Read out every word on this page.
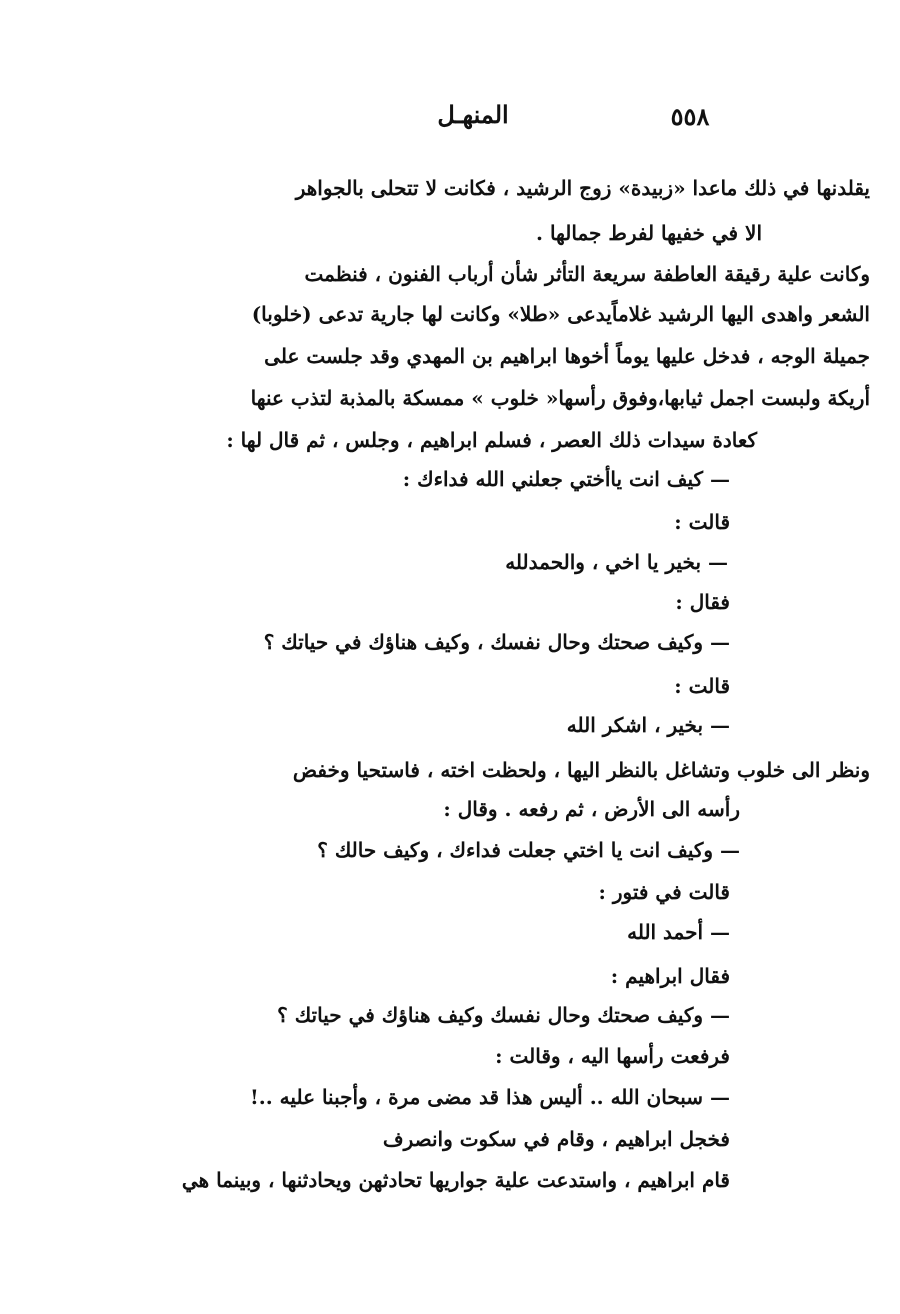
المنهـل	٥٥٨
يقلدنها في ذلك ماعدا «زبيدة» زوج الرشيد ، فكانت لا تتحلى بالجواهر
الا في خفيها لفرط جمالها .
وكانت علية رقيقة العاطفة سريعة التأثر شأن أرباب الفنون ، فنظمت
الشعر واهدى اليها الرشيد غلاماًيدعى «طلا» وكانت لها جارية تدعى (خلوبا)
جميلة الوجه ، فدخل عليها يوماً أخوها ابراهيم بن المهدي وقد جلست على
أريكة ولبست اجمل ثيابها،وفوق رأسها« خلوب » ممسكة بالمذبة لتذب عنها
كعادة سيدات ذلك العصر ، فسلم ابراهيم ، وجلس ، ثم قال لها :
— كيف انت ياأختي جعلني الله فداءك :
قالت :
— بخير يا اخي ، والحمدلله
فقال :
— وكيف صحتك وحال نفسك ، وكيف هناؤك في حياتك ؟
قالت :
— بخير ، اشكر الله
ونظر الى خلوب وتشاغل بالنظر اليها ، ولحظت اخته ، فاستحيا وخفض
رأسه الى الأرض ، ثم رفعه . وقال :
— وكيف انت يا اختي جعلت فداءك ، وكيف حالك ؟
قالت في فتور :
— أحمد الله
فقال ابراهيم :
— وكيف صحتك وحال نفسك وكيف هناؤك في حياتك ؟
فرفعت رأسها اليه ، وقالت :
— سبحان الله .. أليس هذا قد مضى مرة ، وأجبنا عليه ..!
فخجل ابراهيم ، وقام في سكوت وانصرف
قام ابراهيم ، واستدعت علية جواريها تحادثهن ويحادثنها ، وبينما هي
